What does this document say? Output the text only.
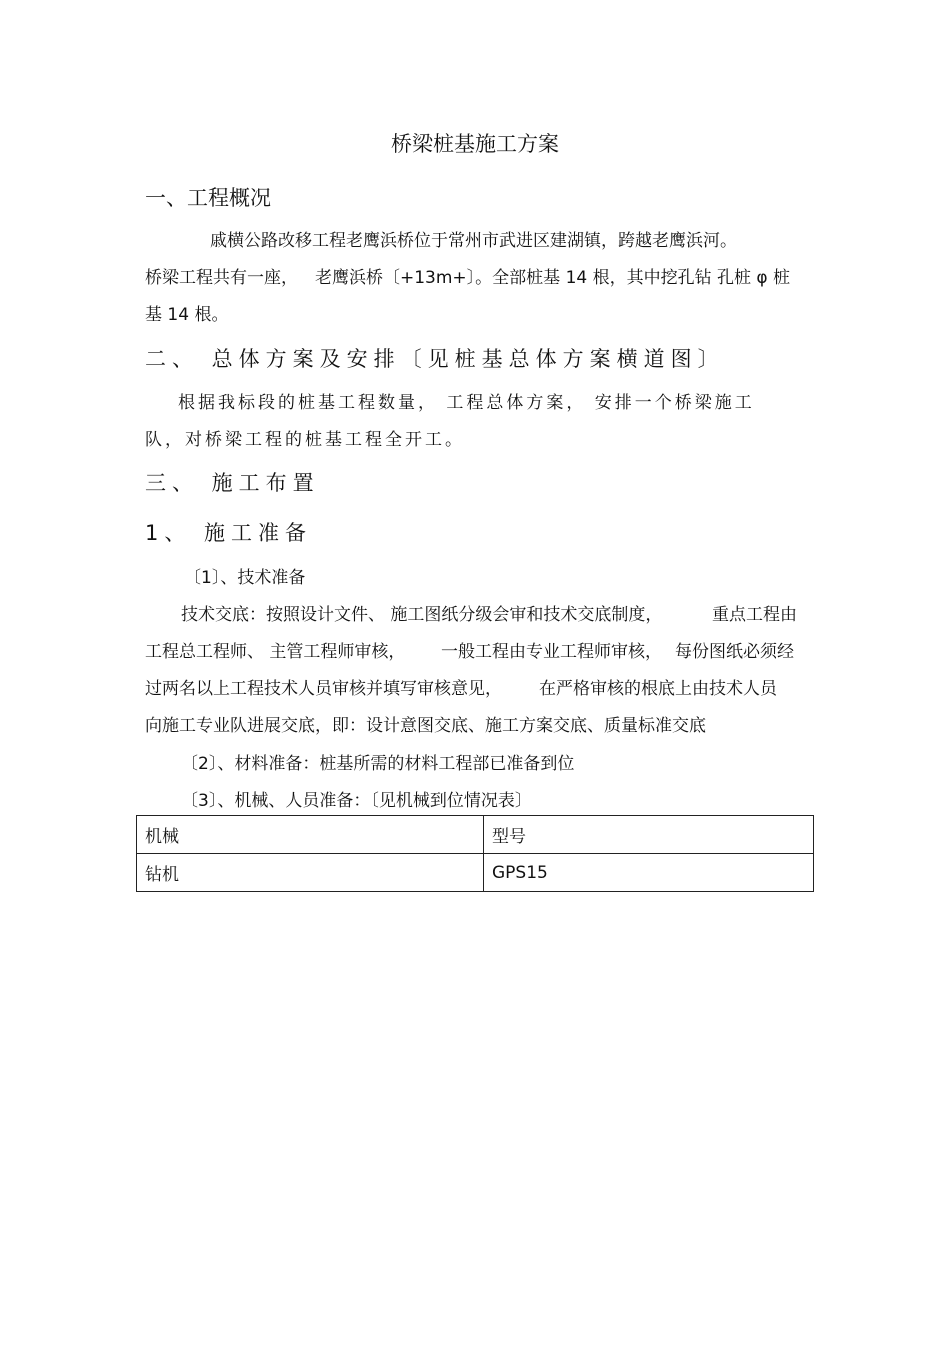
桥梁桩基施工方案
一、工程概况
戚横公路改移工程老鹰浜桥位于常州市武进区建湖镇，跨越老鹰浜河。
桥梁工程共有一座， 老鹰浜桥〔+13m+〕。全部桩基 14 根，其中挖孔钻 孔桩 φ 桩
基 14 根。
二、 总体方案及安排〔见桩基总体方案横道图〕
根据我标段的桩基工程数量， 工程总体方案， 安排一个桥梁施工
队，对桥梁工程的桩基工程全开工。
三、 施工布置
1、 施工准备
〔1〕、技术准备
技术交底：按照设计文件、 施工图纸分级会审和技术交底制度，	重点工程由
工程总工程师、 主管工程师审核， 一般工程由专业工程师审核， 每份图纸必须经
过两名以上工程技术人员审核并填写审核意见， 在严格审核的根底上由技术人员
向施工专业队进展交底，即：设计意图交底、施工方案交底、质量标准交底
〔2〕、材料准备：桩基所需的材料工程部已准备到位
〔3〕、机械、人员准备：〔见机械到位情况表〕
机械	型号
钻机	GPS15
